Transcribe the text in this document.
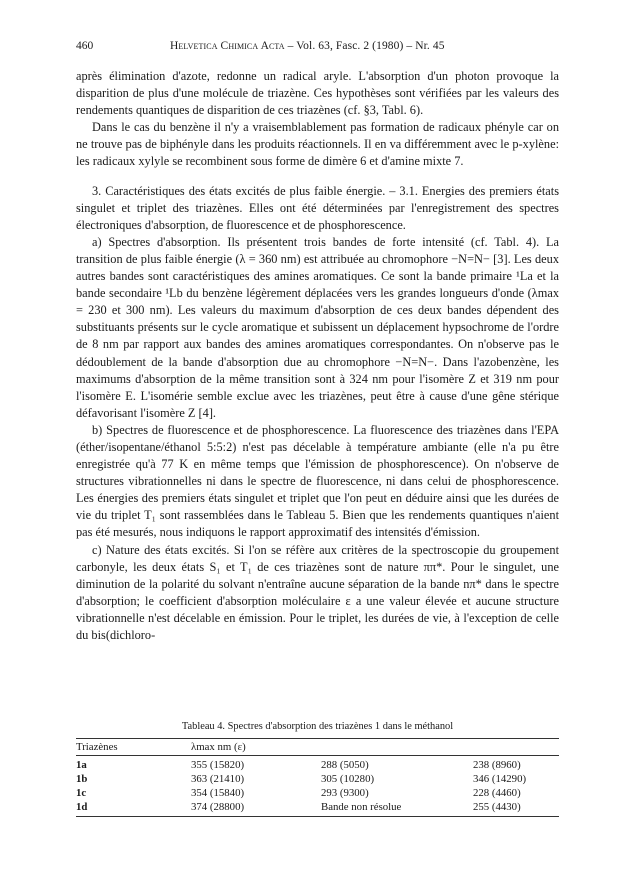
460	Helvetica Chimica Acta – Vol. 63, Fasc. 2 (1980) – Nr. 45

après élimination d'azote, redonne un radical aryle. L'absorption d'un photon provoque la disparition de plus d'une molécule de triazène. Ces hypothèses sont vérifiées par les valeurs des rendements quantiques de disparition de ces triazènes (cf. §3, Tabl. 6).

Dans le cas du benzène il n'y a vraisemblablement pas formation de radicaux phényle car on ne trouve pas de biphényle dans les produits réactionnels. Il en va différemment avec le p-xylène: les radicaux xylyle se recombinent sous forme de dimère 6 et d'amine mixte 7.

3. Caractéristiques des états excités de plus faible énergie. – 3.1. Energies des premiers états singulet et triplet des triazènes. Elles ont été déterminées par l'enregistrement des spectres électroniques d'absorption, de fluorescence et de phosphorescence.

a) Spectres d'absorption. Ils présentent trois bandes de forte intensité (cf. Tabl. 4). La transition de plus faible énergie (λ = 360 nm) est attribuée au chromophore −N=N− [3]. Les deux autres bandes sont caractéristiques des amines aromatiques. Ce sont la bande primaire ¹La et la bande secondaire ¹Lb du benzène légèrement déplacées vers les grandes longueurs d'onde (λmax = 230 et 300 nm). Les valeurs du maximum d'absorption de ces deux bandes dépendent des substituants présents sur le cycle aromatique et subissent un déplacement hypsochrome de l'ordre de 8 nm par rapport aux bandes des amines aromatiques correspondantes. On n'observe pas le dédoublement de la bande d'absorption due au chromophore −N=N−. Dans l'azobenzène, les maximums d'absorption de la même transition sont à 324 nm pour l'isomère Z et 319 nm pour l'isomère E. L'isomérie semble exclue avec les triazènes, peut être à cause d'une gêne stérique défavorisant l'isomère Z [4].

b) Spectres de fluorescence et de phosphorescence. La fluorescence des triazènes dans l'EPA (éther/isopentane/éthanol 5:5:2) n'est pas décelable à température ambiante (elle n'a pu être enregistrée qu'à 77 K en même temps que l'émission de phosphorescence). On n'observe de structures vibrationnelles ni dans le spectre de fluorescence, ni dans celui de phosphorescence. Les énergies des premiers états singulet et triplet que l'on peut en déduire ainsi que les durées de vie du triplet T₁ sont rassemblées dans le Tableau 5. Bien que les rendements quantiques n'aient pas été mesurés, nous indiquons le rapport approximatif des intensités d'émission.

c) Nature des états excités. Si l'on se réfère aux critères de la spectroscopie du groupement carbonyle, les deux états S₁ et T₁ de ces triazènes sont de nature ππ*. Pour le singulet, une diminution de la polarité du solvant n'entraîne aucune séparation de la bande nπ* dans le spectre d'absorption; le coefficient d'absorption moléculaire ε a une valeur élevée et aucune structure vibrationnelle n'est décelable en émission. Pour le triplet, les durées de vie, à l'exception de celle du bis(dichloro-

Tableau 4. Spectres d'absorption des triazènes 1 dans le méthanol
Triazènes	λmax nm (ε)		
1a	355 (15820)	288 (5050)	238 (8960)
1b	363 (21410)	305 (10280)	346 (14290)
1c	354 (15840)	293 (9300)	228 (4460)
1d	374 (28800)	Bande non résolue	255 (4430)
